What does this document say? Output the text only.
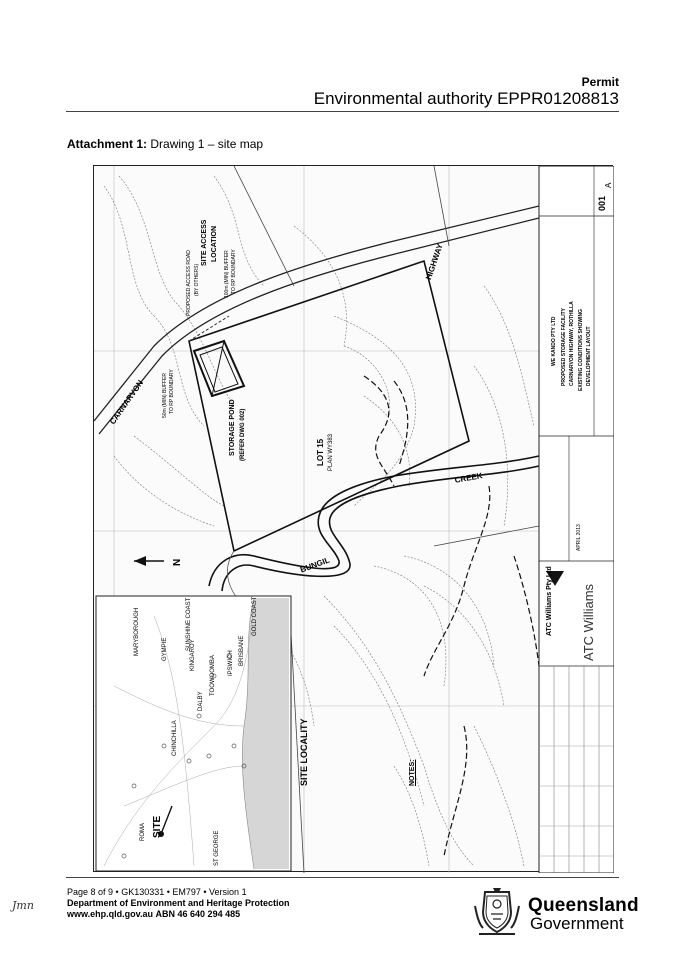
Permit
Environmental authority EPPR01208813
Attachment 1: Drawing 1 – site map
HIGHWAY
CARNARVON
CREEK
BUNGIL
LOT 15 PLAN WY383
STORAGE POND (REFER DWG 002)
SITE ACCESS LOCATION
PROPOSED ACCESS ROAD (BY OTHERS)	100m (MIN) BUFFER TO RP BOUNDARY
50m (MIN) BUFFER TO RP BOUNDARY
N
SITE LOCALITY	NOTES:
SITE
GOLD COAST
BRISBANE
IPSWICH
TOOWOOMBA
DALBY
KINGAROY
GYMPIE	SUNSHINE COAST
MARYBOROUGH
CHINCHILLA
ROMA	ST GEORGE
WE KANDO PTY LTD PROPOSED STORAGE FACILITY CARNARVON HIGHWAY, ROTHILLA EXISTING CONDITIONS SHOWING DEVELOPMENT LAYOUT
001
A
APRIL 2013
ATC Williams Pty Ltd ATC Williams
Page 8 of 9 • GK130331 • EM797 • Version 1
Department of Environment and Heritage Protection
www.ehp.qld.gov.au ABN 46 640 294 485
Jmn	Queensland
Government
